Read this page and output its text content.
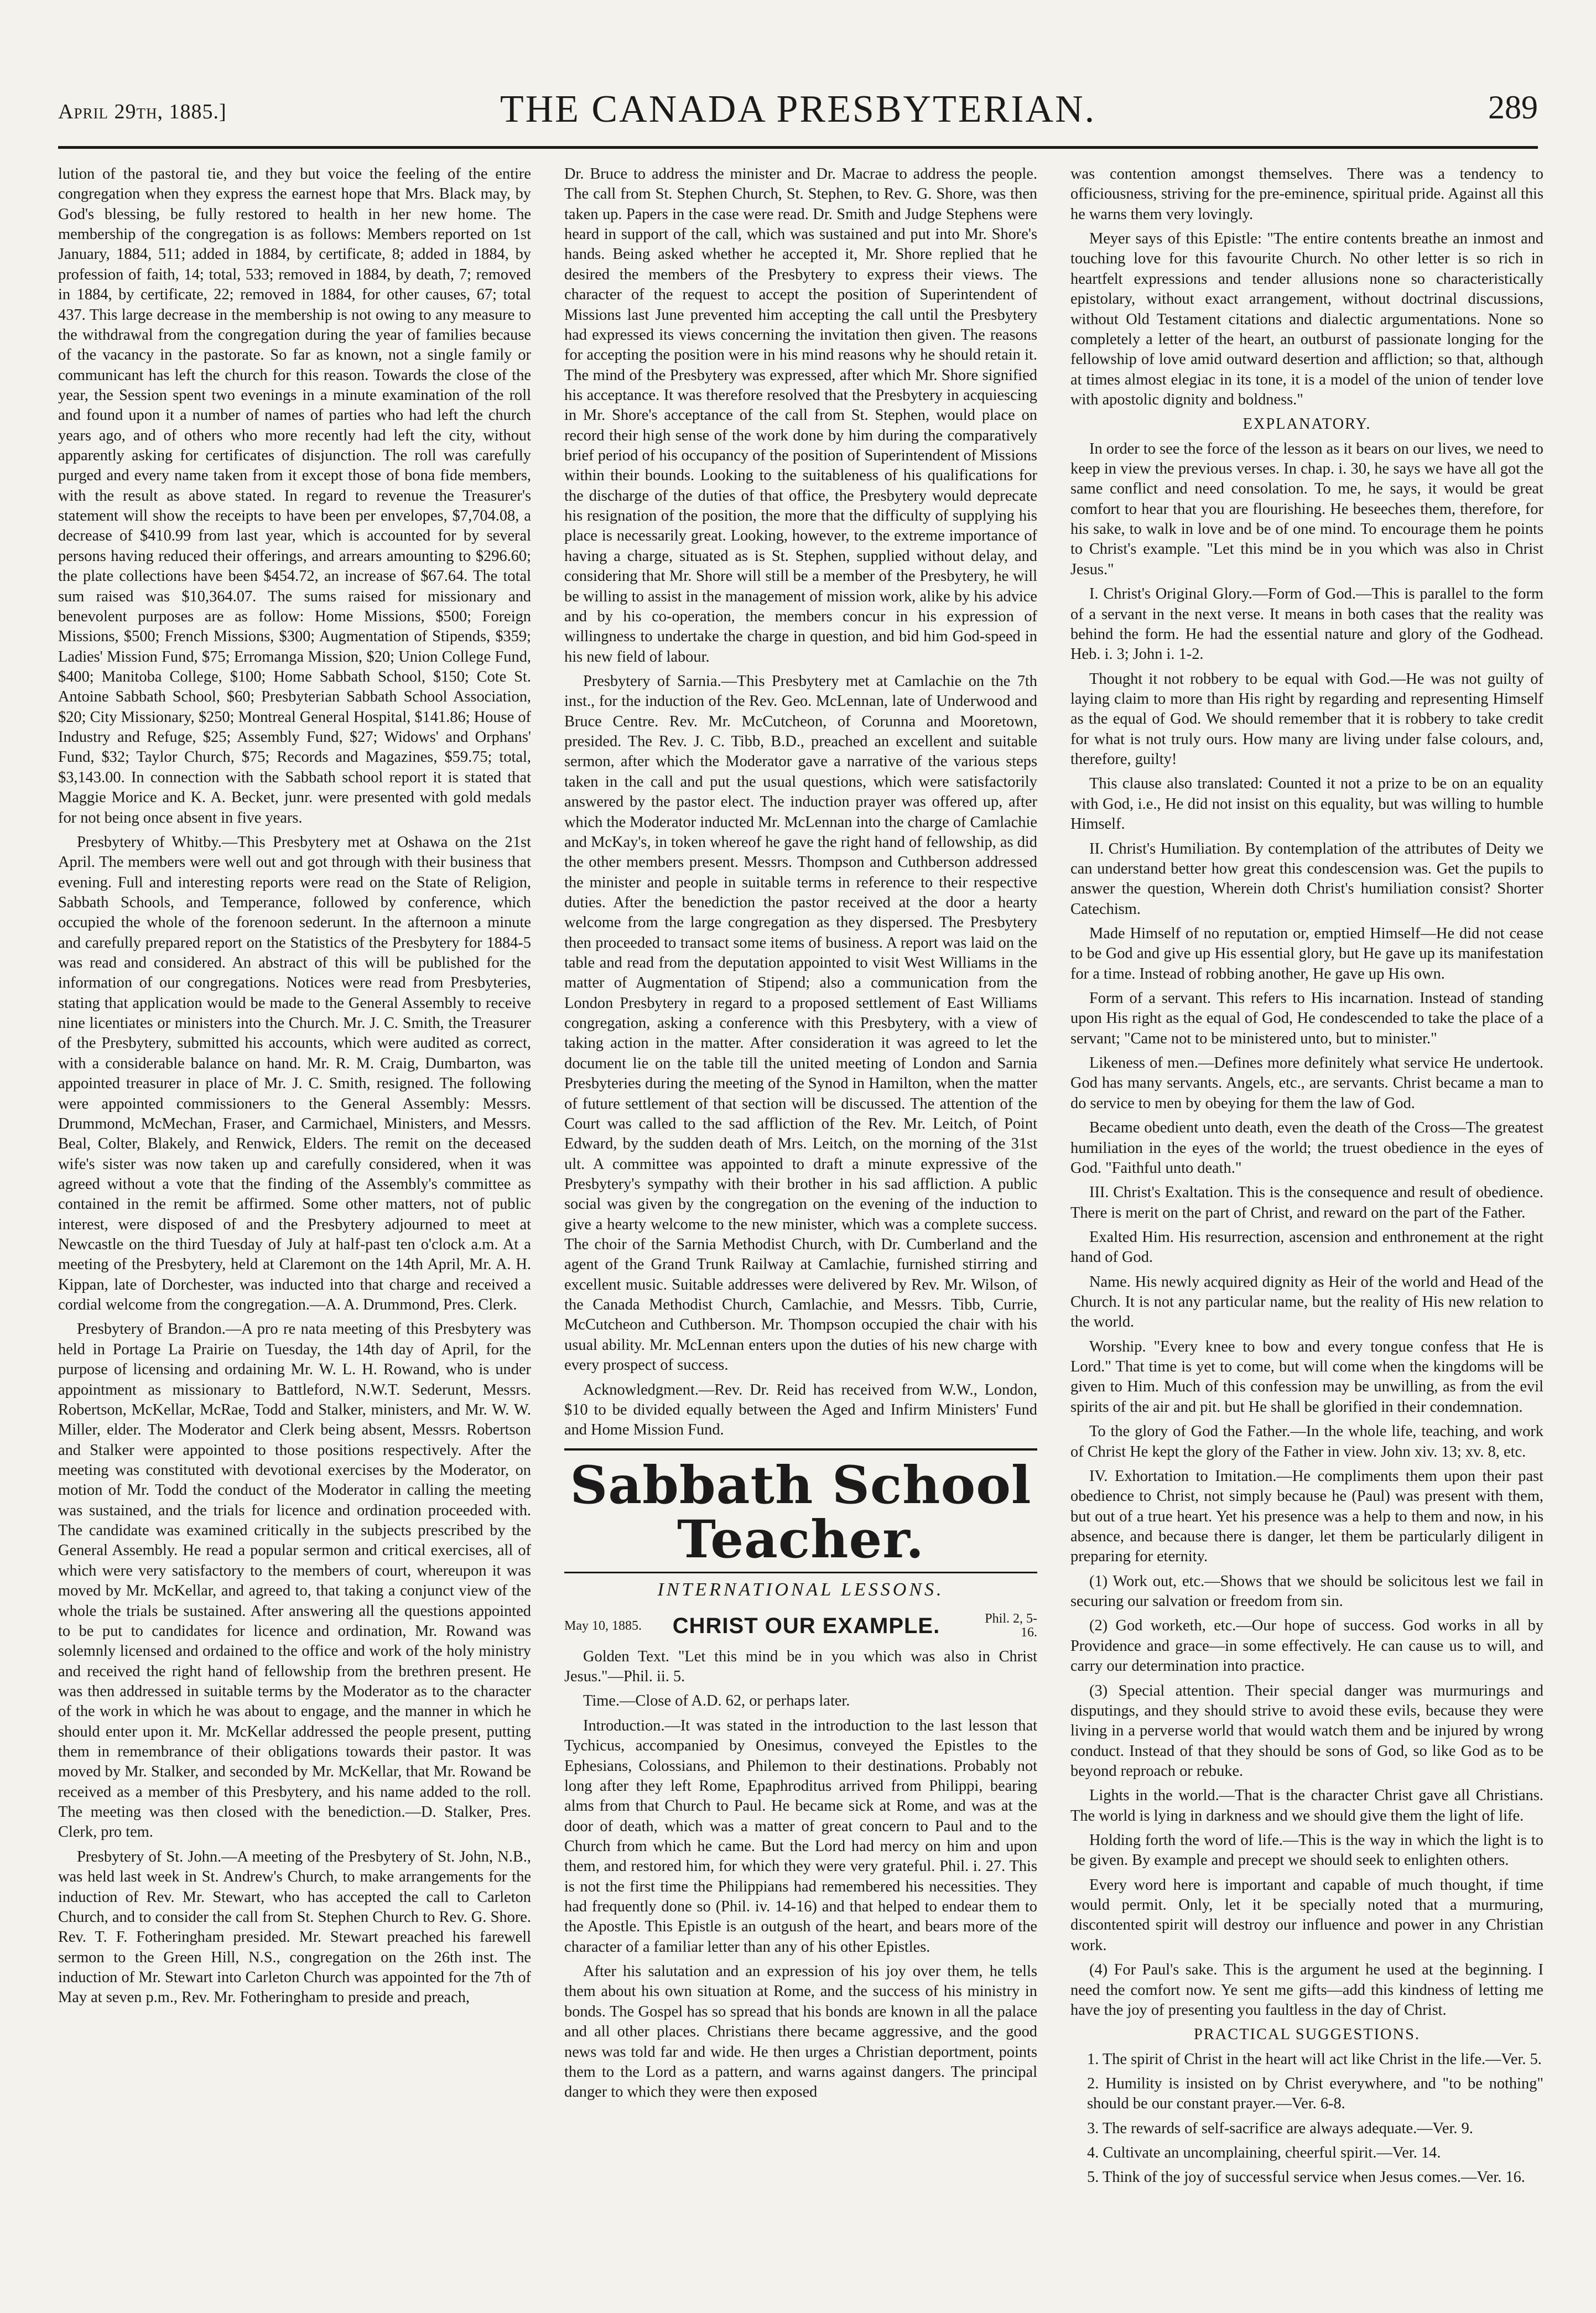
April 29th, 1885.]	THE CANADA PRESBYTERIAN.	289

lution of the pastoral tie, and they but voice the feeling of the entire congregation when they express the earnest hope that Mrs. Black may, by God's blessing, be fully restored to health in her new home. The membership of the congregation is as follows: Members reported on 1st January, 1884, 511; added in 1884, by certificate, 8; added in 1884, by profession of faith, 14; total, 533; removed in 1884, by death, 7; removed in 1884, by certificate, 22; removed in 1884, for other causes, 67; total 437. This large decrease in the membership is not owing to any measure to the withdrawal from the congregation during the year of families because of the vacancy in the pastorate. So far as known, not a single family or communicant has left the church for this reason. Towards the close of the year, the Session spent two evenings in a minute examination of the roll and found upon it a number of names of parties who had left the church years ago, and of others who more recently had left the city, without apparently asking for certificates of disjunction. The roll was carefully purged and every name taken from it except those of bona fide members, with the result as above stated. In regard to revenue the Treasurer's statement will show the receipts to have been per envelopes, $7,704.08, a decrease of $410.99 from last year, which is accounted for by several persons having reduced their offerings, and arrears amounting to $296.60; the plate collections have been $454.72, an increase of $67.64. The total sum raised was $10,364.07. The sums raised for missionary and benevolent purposes are as follow: Home Missions, $500; Foreign Missions, $500; French Missions, $300; Augmentation of Stipends, $359; Ladies' Mission Fund, $75; Erromanga Mission, $20; Union College Fund, $400; Manitoba College, $100; Home Sabbath School, $150; Cote St. Antoine Sabbath School, $60; Presbyterian Sabbath School Association, $20; City Missionary, $250; Montreal General Hospital, $141.86; House of Industry and Refuge, $25; Assembly Fund, $27; Widows' and Orphans' Fund, $32; Taylor Church, $75; Records and Magazines, $59.75; total, $3,143.00. In connection with the Sabbath school report it is stated that Maggie Morice and K. A. Becket, junr. were presented with gold medals for not being once absent in five years.

Presbytery of Whitby.—This Presbytery met at Oshawa on the 21st April. The members were well out and got through with their business that evening. Full and interesting reports were read on the State of Religion, Sabbath Schools, and Temperance, followed by conference, which occupied the whole of the forenoon sederunt. In the afternoon a minute and carefully prepared report on the Statistics of the Presbytery for 1884-5 was read and considered. An abstract of this will be published for the information of our congregations. Notices were read from Presbyteries, stating that application would be made to the General Assembly to receive nine licentiates or ministers into the Church. Mr. J. C. Smith, the Treasurer of the Presbytery, submitted his accounts, which were audited as correct, with a considerable balance on hand. Mr. R. M. Craig, Dumbarton, was appointed treasurer in place of Mr. J. C. Smith, resigned. The following were appointed commissioners to the General Assembly: Messrs. Drummond, McMechan, Fraser, and Carmichael, Ministers, and Messrs. Beal, Colter, Blakely, and Renwick, Elders. The remit on the deceased wife's sister was now taken up and carefully considered, when it was agreed without a vote that the finding of the Assembly's committee as contained in the remit be affirmed. Some other matters, not of public interest, were disposed of and the Presbytery adjourned to meet at Newcastle on the third Tuesday of July at half-past ten o'clock a.m. At a meeting of the Presbytery, held at Claremont on the 14th April, Mr. A. H. Kippan, late of Dorchester, was inducted into that charge and received a cordial welcome from the congregation.—A. A. Drummond, Pres. Clerk.

Presbytery of Brandon.—A pro re nata meeting of this Presbytery was held in Portage La Prairie on Tuesday, the 14th day of April, for the purpose of licensing and ordaining Mr. W. L. H. Rowand, who is under appointment as missionary to Battleford, N.W.T. Sederunt, Messrs. Robertson, McKellar, McRae, Todd and Stalker, ministers, and Mr. W. W. Miller, elder. The Moderator and Clerk being absent, Messrs. Robertson and Stalker were appointed to those positions respectively. After the meeting was constituted with devotional exercises by the Moderator, on motion of Mr. Todd the conduct of the Moderator in calling the meeting was sustained, and the trials for licence and ordination proceeded with. The candidate was examined critically in the subjects prescribed by the General Assembly. He read a popular sermon and critical exercises, all of which were very satisfactory to the members of court, whereupon it was moved by Mr. McKellar, and agreed to, that taking a conjunct view of the whole the trials be sustained. After answering all the questions appointed to be put to candidates for licence and ordination, Mr. Rowand was solemnly licensed and ordained to the office and work of the holy ministry and received the right hand of fellowship from the brethren present. He was then addressed in suitable terms by the Moderator as to the character of the work in which he was about to engage, and the manner in which he should enter upon it. Mr. McKellar addressed the people present, putting them in remembrance of their obligations towards their pastor. It was moved by Mr. Stalker, and seconded by Mr. McKellar, that Mr. Rowand be received as a member of this Presbytery, and his name added to the roll. The meeting was then closed with the benediction.—D. Stalker, Pres. Clerk, pro tem.

Presbytery of St. John.—A meeting of the Presbytery of St. John, N.B., was held last week in St. Andrew's Church, to make arrangements for the induction of Rev. Mr. Stewart, who has accepted the call to Carleton Church, and to consider the call from St. Stephen Church to Rev. G. Shore. Rev. T. F. Fotheringham presided. Mr. Stewart preached his farewell sermon to the Green Hill, N.S., congregation on the 26th inst. The induction of Mr. Stewart into Carleton Church was appointed for the 7th of May at seven p.m., Rev. Mr. Fotheringham to preside and preach,

Dr. Bruce to address the minister and Dr. Macrae to address the people. The call from St. Stephen Church, St. Stephen, to Rev. G. Shore, was then taken up. Papers in the case were read. Dr. Smith and Judge Stephens were heard in support of the call, which was sustained and put into Mr. Shore's hands. Being asked whether he accepted it, Mr. Shore replied that he desired the members of the Presbytery to express their views. The character of the request to accept the position of Superintendent of Missions last June prevented him accepting the call until the Presbytery had expressed its views concerning the invitation then given. The reasons for accepting the position were in his mind reasons why he should retain it. The mind of the Presbytery was expressed, after which Mr. Shore signified his acceptance. It was therefore resolved that the Presbytery in acquiescing in Mr. Shore's acceptance of the call from St. Stephen, would place on record their high sense of the work done by him during the comparatively brief period of his occupancy of the position of Superintendent of Missions within their bounds. Looking to the suitableness of his qualifications for the discharge of the duties of that office, the Presbytery would deprecate his resignation of the position, the more that the difficulty of supplying his place is necessarily great. Looking, however, to the extreme importance of having a charge, situated as is St. Stephen, supplied without delay, and considering that Mr. Shore will still be a member of the Presbytery, he will be willing to assist in the management of mission work, alike by his advice and by his co-operation, the members concur in his expression of willingness to undertake the charge in question, and bid him God-speed in his new field of labour.

Presbytery of Sarnia.—This Presbytery met at Camlachie on the 7th inst., for the induction of the Rev. Geo. McLennan, late of Underwood and Bruce Centre. Rev. Mr. McCutcheon, of Corunna and Mooretown, presided. The Rev. J. C. Tibb, B.D., preached an excellent and suitable sermon, after which the Moderator gave a narrative of the various steps taken in the call and put the usual questions, which were satisfactorily answered by the pastor elect. The induction prayer was offered up, after which the Moderator inducted Mr. McLennan into the charge of Camlachie and McKay's, in token whereof he gave the right hand of fellowship, as did the other members present. Messrs. Thompson and Cuthberson addressed the minister and people in suitable terms in reference to their respective duties. After the benediction the pastor received at the door a hearty welcome from the large congregation as they dispersed. The Presbytery then proceeded to transact some items of business. A report was laid on the table and read from the deputation appointed to visit West Williams in the matter of Augmentation of Stipend; also a communication from the London Presbytery in regard to a proposed settlement of East Williams congregation, asking a conference with this Presbytery, with a view of taking action in the matter. After consideration it was agreed to let the document lie on the table till the united meeting of London and Sarnia Presbyteries during the meeting of the Synod in Hamilton, when the matter of future settlement of that section will be discussed. The attention of the Court was called to the sad affliction of the Rev. Mr. Leitch, of Point Edward, by the sudden death of Mrs. Leitch, on the morning of the 31st ult. A committee was appointed to draft a minute expressive of the Presbytery's sympathy with their brother in his sad affliction. A public social was given by the congregation on the evening of the induction to give a hearty welcome to the new minister, which was a complete success. The choir of the Sarnia Methodist Church, with Dr. Cumberland and the agent of the Grand Trunk Railway at Camlachie, furnished stirring and excellent music. Suitable addresses were delivered by Rev. Mr. Wilson, of the Canada Methodist Church, Camlachie, and Messrs. Tibb, Currie, McCutcheon and Cuthberson. Mr. Thompson occupied the chair with his usual ability. Mr. McLennan enters upon the duties of his new charge with every prospect of success.

Acknowledgment.—Rev. Dr. Reid has received from W.W., London, $10 to be divided equally between the Aged and Infirm Ministers' Fund and Home Mission Fund.

Sabbath School Teacher.
INTERNATIONAL LESSONS.
May 10, 1885. CHRIST OUR EXAMPLE.	Phil. 2, 5-16.

Golden Text. "Let this mind be in you which was also in Christ Jesus."—Phil. ii. 5.

Time.—Close of A.D. 62, or perhaps later.

Introduction.—It was stated in the introduction to the last lesson that Tychicus, accompanied by Onesimus, conveyed the Epistles to the Ephesians, Colossians, and Philemon to their destinations. Probably not long after they left Rome, Epaphroditus arrived from Philippi, bearing alms from that Church to Paul. He became sick at Rome, and was at the door of death, which was a matter of great concern to Paul and to the Church from which he came. But the Lord had mercy on him and upon them, and restored him, for which they were very grateful. Phil. i. 27. This is not the first time the Philippians had remembered his necessities. They had frequently done so (Phil. iv. 14-16) and that helped to endear them to the Apostle. This Epistle is an outgush of the heart, and bears more of the character of a familiar letter than any of his other Epistles.

After his salutation and an expression of his joy over them, he tells them about his own situation at Rome, and the success of his ministry in bonds. The Gospel has so spread that his bonds are known in all the palace and all other places. Christians there became aggressive, and the good news was told far and wide. He then urges a Christian deportment, points them to the Lord as a pattern, and warns against dangers. The principal danger to which they were then exposed

was contention amongst themselves. There was a tendency to officiousness, striving for the pre-eminence, spiritual pride. Against all this he warns them very lovingly.

Meyer says of this Epistle: "The entire contents breathe an inmost and touching love for this favourite Church. No other letter is so rich in heartfelt expressions and tender allusions none so characteristically epistolary, without exact arrangement, without doctrinal discussions, without Old Testament citations and dialectic argumentations. None so completely a letter of the heart, an outburst of passionate longing for the fellowship of love amid outward desertion and affliction; so that, although at times almost elegiac in its tone, it is a model of the union of tender love with apostolic dignity and boldness."

EXPLANATORY.

In order to see the force of the lesson as it bears on our lives, we need to keep in view the previous verses. In chap. i. 30, he says we have all got the same conflict and need consolation. To me, he says, it would be great comfort to hear that you are flourishing. He beseeches them, therefore, for his sake, to walk in love and be of one mind. To encourage them he points to Christ's example. "Let this mind be in you which was also in Christ Jesus."

I. Christ's Original Glory.—Form of God.—This is parallel to the form of a servant in the next verse. It means in both cases that the reality was behind the form. He had the essential nature and glory of the Godhead. Heb. i. 3; John i. 1-2.

Thought it not robbery to be equal with God.—He was not guilty of laying claim to more than His right by regarding and representing Himself as the equal of God. We should remember that it is robbery to take credit for what is not truly ours. How many are living under false colours, and, therefore, guilty!

This clause also translated: Counted it not a prize to be on an equality with God, i.e., He did not insist on this equality, but was willing to humble Himself.

II. Christ's Humiliation. By contemplation of the attributes of Deity we can understand better how great this condescension was. Get the pupils to answer the question, Wherein doth Christ's humiliation consist? Shorter Catechism.

Made Himself of no reputation or, emptied Himself—He did not cease to be God and give up His essential glory, but He gave up its manifestation for a time. Instead of robbing another, He gave up His own.

Form of a servant. This refers to His incarnation. Instead of standing upon His right as the equal of God, He condescended to take the place of a servant; "Came not to be ministered unto, but to minister."

Likeness of men.—Defines more definitely what service He undertook. God has many servants. Angels, etc., are servants. Christ became a man to do service to men by obeying for them the law of God.

Became obedient unto death, even the death of the Cross—The greatest humiliation in the eyes of the world; the truest obedience in the eyes of God. "Faithful unto death."

III. Christ's Exaltation. This is the consequence and result of obedience. There is merit on the part of Christ, and reward on the part of the Father.

Exalted Him. His resurrection, ascension and enthronement at the right hand of God.

Name. His newly acquired dignity as Heir of the world and Head of the Church. It is not any particular name, but the reality of His new relation to the world.

Worship. "Every knee to bow and every tongue confess that He is Lord." That time is yet to come, but will come when the kingdoms will be given to Him. Much of this confession may be unwilling, as from the evil spirits of the air and pit. but He shall be glorified in their condemnation.

To the glory of God the Father.—In the whole life, teaching, and work of Christ He kept the glory of the Father in view. John xiv. 13; xv. 8, etc.

IV. Exhortation to Imitation.—He compliments them upon their past obedience to Christ, not simply because he (Paul) was present with them, but out of a true heart. Yet his presence was a help to them and now, in his absence, and because there is danger, let them be particularly diligent in preparing for eternity.

(1) Work out, etc.—Shows that we should be solicitous lest we fail in securing our salvation or freedom from sin.

(2) God worketh, etc.—Our hope of success. God works in all by Providence and grace—in some effectively. He can cause us to will, and carry our determination into practice.

(3) Special attention. Their special danger was murmurings and disputings, and they should strive to avoid these evils, because they were living in a perverse world that would watch them and be injured by wrong conduct. Instead of that they should be sons of God, so like God as to be beyond reproach or rebuke.

Lights in the world.—That is the character Christ gave all Christians. The world is lying in darkness and we should give them the light of life.

Holding forth the word of life.—This is the way in which the light is to be given. By example and precept we should seek to enlighten others.

Every word here is important and capable of much thought, if time would permit. Only, let it be specially noted that a murmuring, discontented spirit will destroy our influence and power in any Christian work.

(4) For Paul's sake. This is the argument he used at the beginning. I need the comfort now. Ye sent me gifts—add this kindness of letting me have the joy of presenting you faultless in the day of Christ.

PRACTICAL SUGGESTIONS.

1. The spirit of Christ in the heart will act like Christ in the life.—Ver. 5.

2. Humility is insisted on by Christ everywhere, and "to be nothing" should be our constant prayer.—Ver. 6-8.

3. The rewards of self-sacrifice are always adequate.—Ver. 9.

4. Cultivate an uncomplaining, cheerful spirit.—Ver. 14.

5. Think of the joy of successful service when Jesus comes.—Ver. 16.
